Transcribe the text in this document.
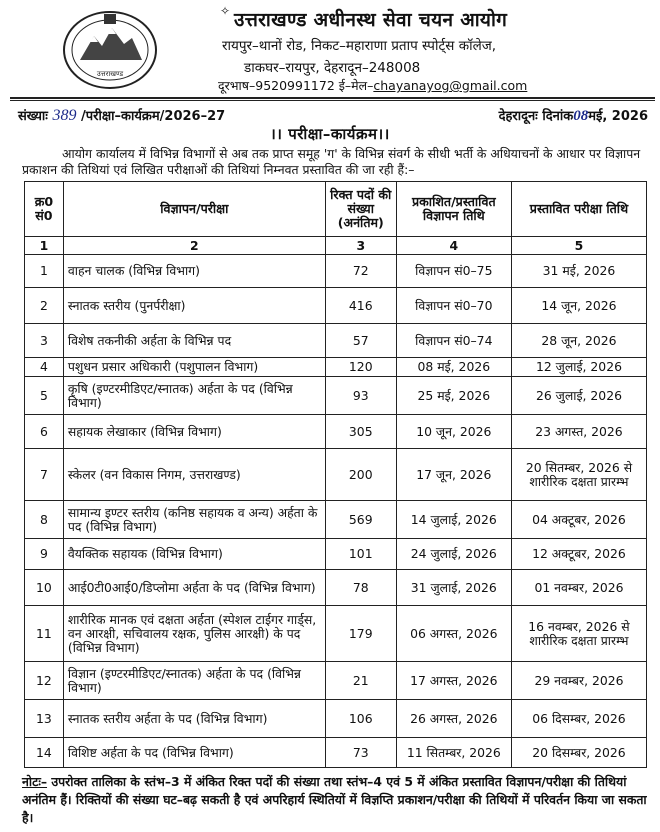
उत्तराखण्ड
✧ उत्तराखण्ड अधीनस्थ सेवा चयन आयोग
रायपुर–थानों रोड, निकट–महाराणा प्रताप स्पोर्ट्स कॉलेज,
डाकघर–रायपुर, देहरादून–248008
दूरभाष–9520991172 ई–मेल–chayanayog@gmail.com
संख्याः 389 /परीक्षा–कार्यक्रम/2026–27	देहरादूनः दिनांक08मई, 2026
।। परीक्षा–कार्यक्रम।।
आयोग कार्यालय में विभिन्न विभागों से अब तक प्राप्त समूह 'ग' के विभिन्न संवर्ग के सीधी भर्ती के अधियाचनों के आधार पर विज्ञापन प्रकाशन की तिथियां एवं लिखित परीक्षाओं की तिथियां निम्नवत प्रस्तावित की जा रही हैं:–
क्र0 सं0	विज्ञापन/परीक्षा	रिक्त पदों की संख्या (अनंतिम)	प्रकाशित/प्रस्तावित विज्ञापन तिथि	प्रस्तावित परीक्षा तिथि
1	2	3	4	5
1	वाहन चालक (विभिन्न विभाग)	72	विज्ञापन सं0–75	31 मई, 2026
2	स्नातक स्तरीय (पुनर्परीक्षा)	416	विज्ञापन सं0–70	14 जून, 2026
3	विशेष तकनीकी अर्हता के विभिन्न पद	57	विज्ञापन सं0–74	28 जून, 2026
4	पशुधन प्रसार अधिकारी (पशुपालन विभाग)	120	08 मई, 2026	12 जुलाई, 2026
5	कृषि (इण्टरमीडिएट/स्नातक) अर्हता के पद (विभिन्न विभाग)	93	25 मई, 2026	26 जुलाई, 2026
6	सहायक लेखाकार (विभिन्न विभाग)	305	10 जून, 2026	23 अगस्त, 2026
7	स्केलर (वन विकास निगम, उत्तराखण्ड)	200	17 जून, 2026	20 सितम्बर, 2026 से शारीरिक दक्षता प्रारम्भ
8	सामान्य इण्टर स्तरीय (कनिष्ठ सहायक व अन्य) अर्हता के पद (विभिन्न विभाग)	569	14 जुलाई, 2026	04 अक्टूबर, 2026
9	वैयक्तिक सहायक (विभिन्न विभाग)	101	24 जुलाई, 2026	12 अक्टूबर, 2026
10	आई0टी0आई0/डिप्लोमा अर्हता के पद (विभिन्न विभाग)	78	31 जुलाई, 2026	01 नवम्बर, 2026
11	शारीरिक मानक एवं दक्षता अर्हता (स्पेशल टाईगर गार्ड्स, वन आरक्षी, सचिवालय रक्षक, पुलिस आरक्षी) के पद (विभिन्न विभाग)	179	06 अगस्त, 2026	16 नवम्बर, 2026 से शारीरिक दक्षता प्रारम्भ
12	विज्ञान (इण्टरमीडिएट/स्नातक) अर्हता के पद (विभिन्न विभाग)	21	17 अगस्त, 2026	29 नवम्बर, 2026
13	स्नातक स्तरीय अर्हता के पद (विभिन्न विभाग)	106	26 अगस्त, 2026	06 दिसम्बर, 2026
14	विशिष्ट अर्हता के पद (विभिन्न विभाग)	73	11 सितम्बर, 2026	20 दिसम्बर, 2026
नोटः– उपरोक्त तालिका के स्तंभ–3 में अंकित रिक्त पदों की संख्या तथा स्तंभ–4 एवं 5 में अंकित प्रस्तावित विज्ञापन/परीक्षा की तिथियां अनंतिम हैं। रिक्तियों की संख्या घट–बढ़ सकती है एवं अपरिहार्य स्थितियों में विज्ञप्ति प्रकाशन/परीक्षा की तिथियों में परिवर्तन किया जा सकता है।
